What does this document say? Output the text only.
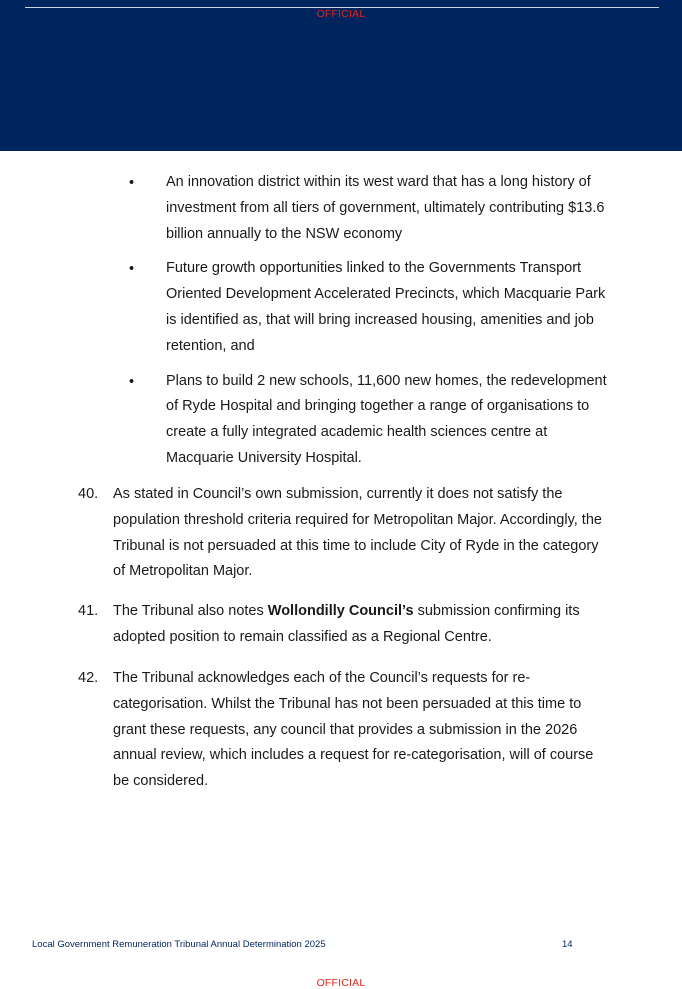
OFFICIAL
• An innovation district within its west ward that has a long history of investment from all tiers of government, ultimately contributing $13.6 billion annually to the NSW economy
• Future growth opportunities linked to the Governments Transport Oriented Development Accelerated Precincts, which Macquarie Park is identified as, that will bring increased housing, amenities and job retention, and
• Plans to build 2 new schools, 11,600 new homes, the redevelopment of Ryde Hospital and bringing together a range of organisations to create a fully integrated academic health sciences centre at Macquarie University Hospital.
40. As stated in Council’s own submission, currently it does not satisfy the population threshold criteria required for Metropolitan Major. Accordingly, the Tribunal is not persuaded at this time to include City of Ryde in the category of Metropolitan Major.
41. The Tribunal also notes Wollondilly Council’s submission confirming its adopted position to remain classified as a Regional Centre.
42. The Tribunal acknowledges each of the Council’s requests for re-categorisation. Whilst the Tribunal has not been persuaded at this time to grant these requests, any council that provides a submission in the 2026 annual review, which includes a request for re-categorisation, will of course be considered.
Local Government Remuneration Tribunal Annual Determination 2025	14
OFFICIAL
